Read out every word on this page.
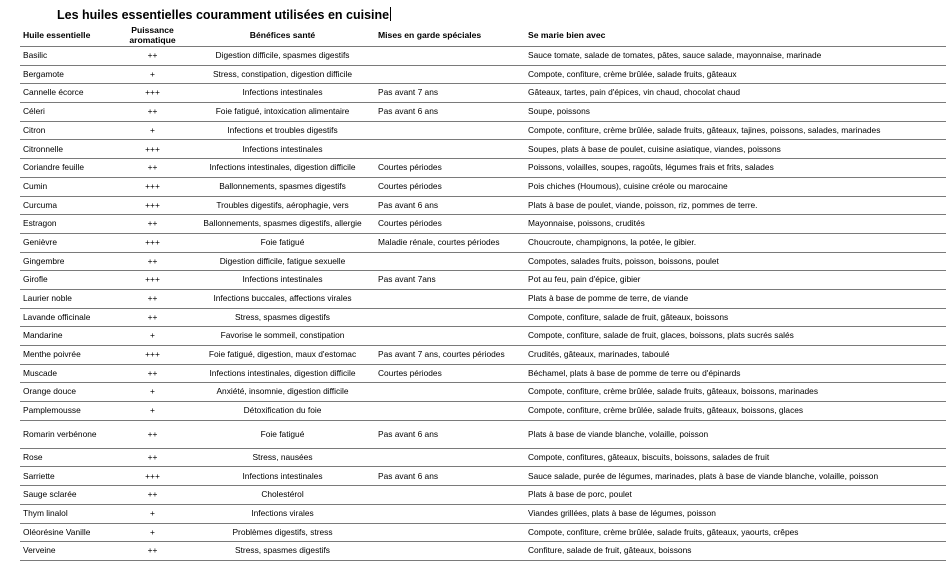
Les huiles essentielles couramment utilisées en cuisine
Huile essentielle	Puissance aromatique	Bénéfices santé	Mises en garde spéciales	Se marie bien avec
Basilic	++	Digestion difficile, spasmes digestifs		Sauce tomate, salade de tomates, pâtes, sauce salade, mayonnaise, marinade
Bergamote	+	Stress, constipation, digestion difficile		Compote, confiture, crème brûlée, salade fruits, gâteaux
Cannelle écorce	+++	Infections intestinales	Pas avant 7 ans	Gâteaux, tartes, pain d'épices, vin chaud, chocolat chaud
Céleri	++	Foie fatigué, intoxication alimentaire	Pas avant 6 ans	Soupe, poissons
Citron	+	Infections et troubles digestifs		Compote, confiture, crème brûlée, salade fruits, gâteaux, tajines, poissons, salades, marinades
Citronnelle	+++	Infections intestinales		Soupes, plats à base de poulet, cuisine asiatique, viandes, poissons
Coriandre feuille	++	Infections intestinales, digestion difficile	Courtes périodes	Poissons, volailles, soupes, ragoûts, légumes frais et frits, salades
Cumin	+++	Ballonnements, spasmes digestifs	Courtes périodes	Pois chiches (Houmous), cuisine créole ou marocaine
Curcuma	+++	Troubles digestifs, aérophagie, vers	Pas avant 6 ans	Plats à base de poulet, viande, poisson, riz, pommes de terre.
Estragon	++	Ballonnements, spasmes digestifs, allergie	Courtes périodes	Mayonnaise, poissons, crudités
Genièvre	+++	Foie fatigué	Maladie rénale, courtes périodes	Choucroute, champignons, la potée, le gibier.
Gingembre	++	Digestion difficile, fatigue sexuelle		Compotes, salades fruits, poisson, boissons, poulet
Girofle	+++	Infections intestinales	Pas avant 7ans	Pot au feu, pain d'épice, gibier
Laurier noble	++	Infections buccales, affections virales		Plats à base de pomme de terre, de viande
Lavande officinale	++	Stress, spasmes digestifs		Compote, confiture, salade de fruit, gâteaux, boissons
Mandarine	+	Favorise le sommeil, constipation		Compote, confiture, salade de fruit, glaces, boissons, plats sucrés salés
Menthe poivrée	+++	Foie fatigué, digestion, maux d'estomac	Pas avant 7 ans, courtes périodes	Crudités, gâteaux, marinades, taboulé
Muscade	++	Infections intestinales, digestion difficile	Courtes périodes	Béchamel, plats à base de pomme de terre ou d'épinards
Orange douce	+	Anxiété, insomnie, digestion difficile		Compote, confiture, crème brûlée, salade fruits, gâteaux, boissons, marinades
Pamplemousse	+	Détoxification du foie		Compote, confiture, crème brûlée, salade fruits, gâteaux, boissons, glaces
Romarin verbénone	++	Foie fatigué	Pas avant 6 ans	Plats à base de viande blanche, volaille, poisson
Rose	++	Stress, nausées		Compote, confitures, gâteaux, biscuits, boissons, salades de fruit
Sarriette	+++	Infections intestinales	Pas avant 6 ans	Sauce salade, purée de légumes, marinades, plats à base de viande blanche, volaille, poisson
Sauge sclarée	++	Cholestérol		Plats à base de porc, poulet
Thym linalol	+	Infections virales		Viandes grillées, plats à base de légumes, poisson
Oléorésine Vanille	+	Problèmes digestifs, stress		Compote, confiture, crème brûlée, salade fruits, gâteaux, yaourts, crêpes
Verveine	++	Stress, spasmes digestifs		Confiture, salade de fruit, gâteaux, boissons
